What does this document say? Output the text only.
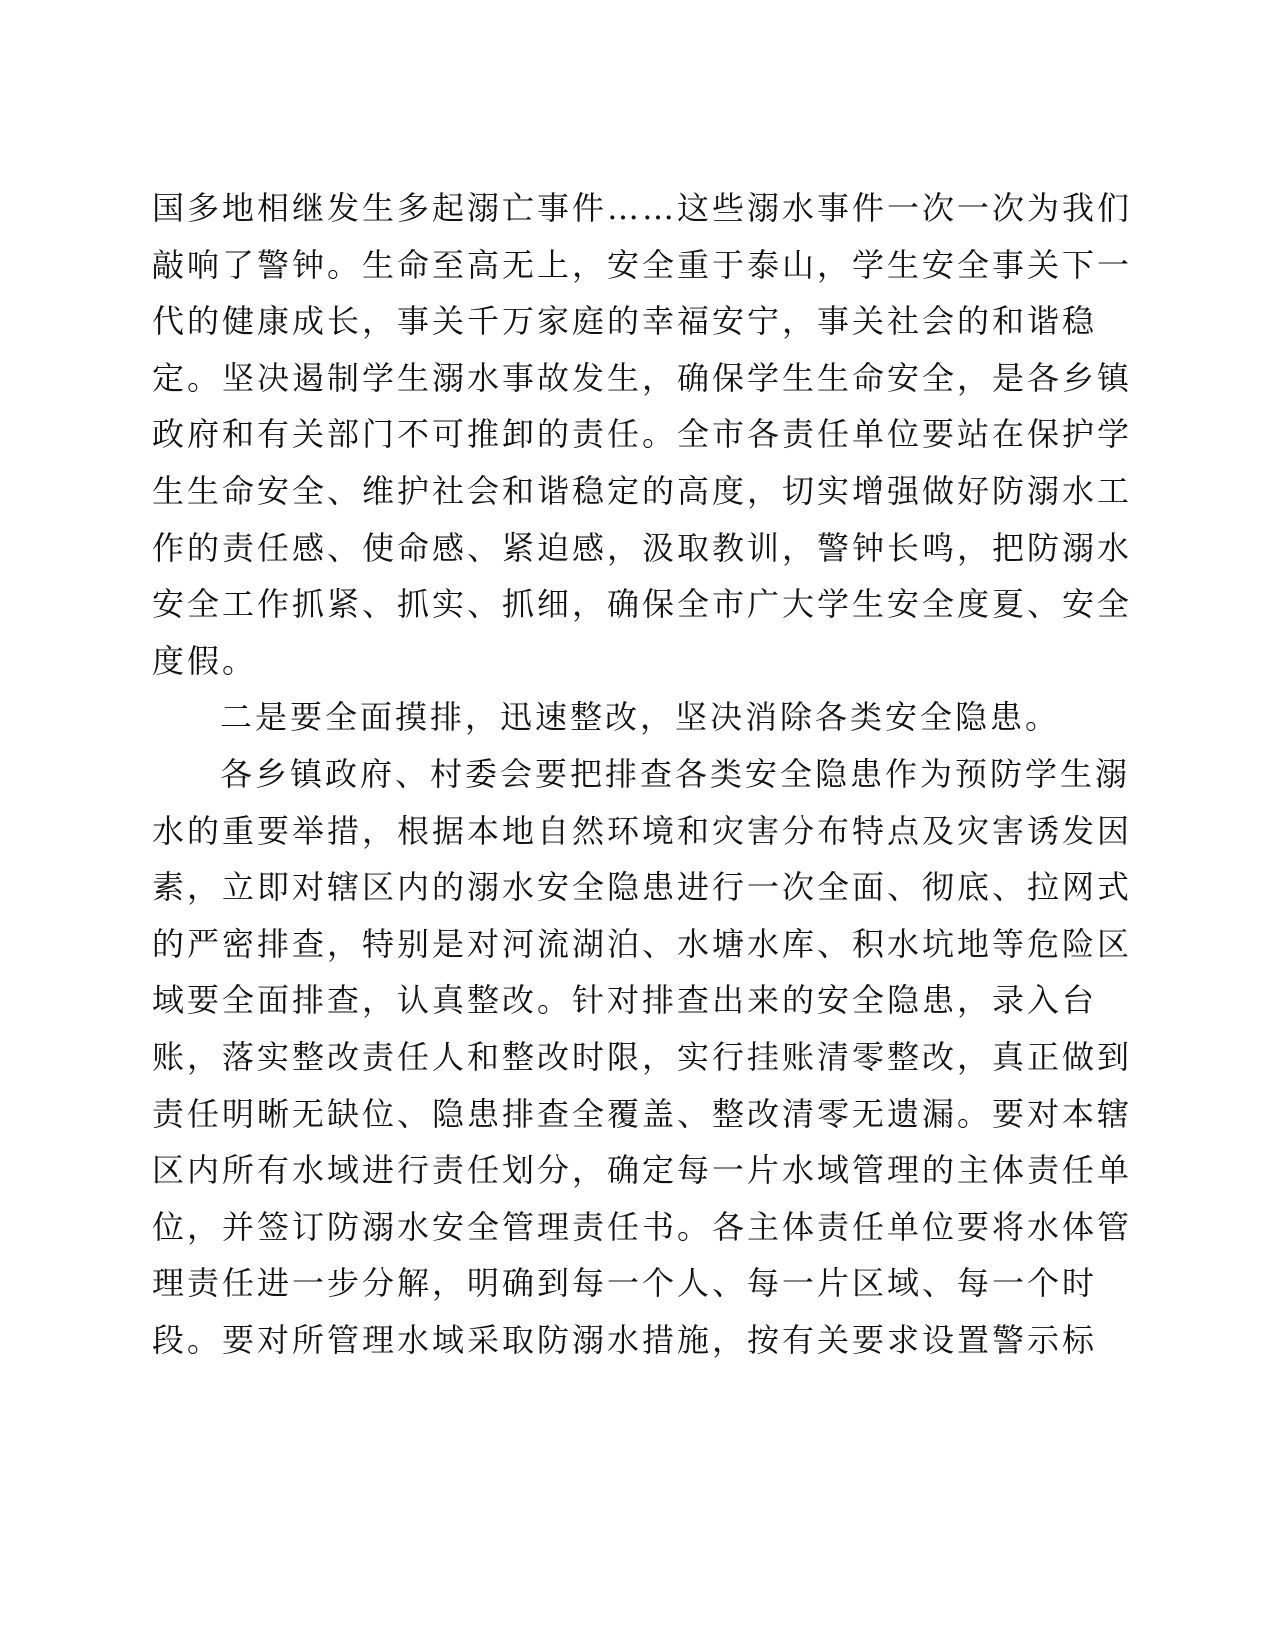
国多地相继发生多起溺亡事件……这些溺水事件一次一次为我们
敲响了警钟。生命至高无上，安全重于泰山，学生安全事关下一
代的健康成长，事关千万家庭的幸福安宁，事关社会的和谐稳
定。坚决遏制学生溺水事故发生，确保学生生命安全，是各乡镇
政府和有关部门不可推卸的责任。全市各责任单位要站在保护学
生生命安全、维护社会和谐稳定的高度，切实增强做好防溺水工
作的责任感、使命感、紧迫感，汲取教训，警钟长鸣，把防溺水
安全工作抓紧、抓实、抓细，确保全市广大学生安全度夏、安全
度假。
二是要全面摸排，迅速整改，坚决消除各类安全隐患。
各乡镇政府、村委会要把排查各类安全隐患作为预防学生溺
水的重要举措，根据本地自然环境和灾害分布特点及灾害诱发因
素，立即对辖区内的溺水安全隐患进行一次全面、彻底、拉网式
的严密排查，特别是对河流湖泊、水塘水库、积水坑地等危险区
域要全面排查，认真整改。针对排查出来的安全隐患，录入台
账，落实整改责任人和整改时限，实行挂账清零整改，真正做到
责任明晰无缺位、隐患排查全覆盖、整改清零无遗漏。要对本辖
区内所有水域进行责任划分，确定每一片水域管理的主体责任单
位，并签订防溺水安全管理责任书。各主体责任单位要将水体管
理责任进一步分解，明确到每一个人、每一片区域、每一个时
段。要对所管理水域采取防溺水措施，按有关要求设置警示标
